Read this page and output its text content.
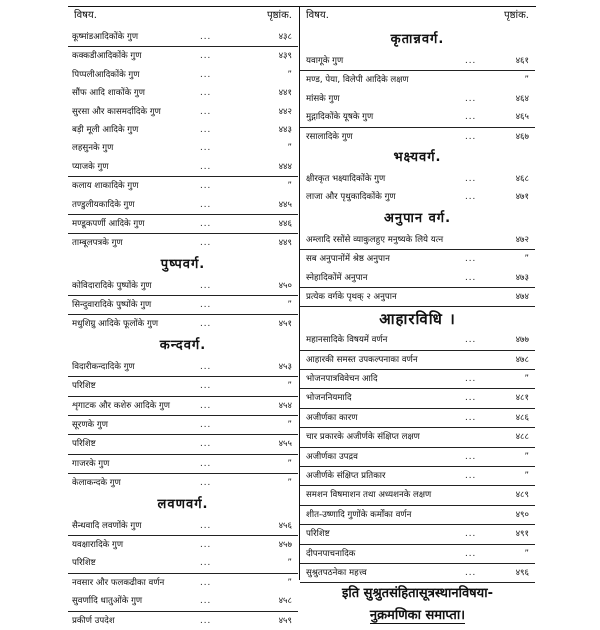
विषय.	पृष्ठांक.
कूष्मांडआदिकोंके गुण	...	४३८
कक्कडीआदिकोंके गुण	...	४३९
पिप्पलीआदिकोंके गुण	...	”
सौंफ आदि शाकोंके गुण	...	४४१
सुरसा और कासमर्दादिके गुण	...	४४२
बड़ी मूली आदिके गुण	...	४४३
लहसुनके गुण	...	”
प्याजके गुण	...	४४४
कलाय शाकादिके गुण	...	”
तण्डुलीयकादिके गुण	...	४४५
मण्डूकपर्णी आदिके गुण	...	४४६
ताम्बूलपत्रके गुण	...	४४९
पुष्पवर्ग.
कोविदारादिके पुष्पोंके गुण	...	४५०
सिन्दुवारादिके पुष्पोंके गुण	...	”
मधुशिग्रु आदिके फूलोंके गुण	...	४५१
कन्दवर्ग.
विदारीकन्दादिके गुण	...	४५३
परिशिष्ट	...	”
शृगाटक और कशेरु आदिके गुण	...	४५४
सूरणके गुण	...	”
परिशिष्ट	...	४५५
गाजरके गुण	...	”
केलाकन्दके गुण	...	”
लवणवर्ग.
सैन्धवादि लवणोंके गुण	...	४५६
यवक्षारादिके गुण	...	४५७
परिशिष्ट	...	”
नवसार और फलकढीका वर्णन	...	”
सुवर्णादि धातुओंके गुण	...	४५८
प्रकीर्ण उपदेश	...	४५९
विषय.	पृष्ठांक.
कृतान्नवर्ग.
यवागूके गुण	...	४६१
मण्ड, पेया, विलेपी आदिके लक्षण	”
मांसके गुण	...	४६४
मुद्गादिकोंके यूषके गुण	...	४६५
रसालादिके गुण	...	४६७
भक्ष्यवर्ग.
क्षीरकृत भक्ष्यादिकोंके गुण	...	४६८
लाजा और पृथुकादिकोंके गुण	...	४७१
अनुपान वर्ग.
अम्लादि रसोंसे व्याकुलहुए मनुष्यके लिये यत्न	४७२
सब अनुपानोंमें श्रेष्ठ अनुपान	...	”
स्नेहादिकोंमें अनुपान	...	४७३
प्रत्येक वर्गके पृथक् २ अनुपान	४७४
आहारविधि ।
महानसादिके विषयमें वर्णन	...	४७७
आहारकी समस्त उपकल्पनाका वर्णन	४७८
भोजनपात्रविवेचन आदि	...	”
भोजननियमादि	...	४८१
अजीर्णका कारण	...	४८६
चार प्रकारके अजीर्णके संक्षिप्त लक्षण	४८८
अजीर्णका उपद्रव	...	”
अजीर्णके संक्षिप्त प्रतिकार	...	”
समशन विषमाशन तथा अध्यशनके लक्षण	४८९
शीत-उष्णादि गुणोंके कर्मोंका वर्णन	४९०
परिशिष्ट	...	४९१
दीपनपाचनादिक	...	”
सुश्रुतपठनेका महत्त्व	...	४९६
इति सुश्रुतसंहितासूत्रस्थानविषया-
नुक्रमणिका समाप्ता।
